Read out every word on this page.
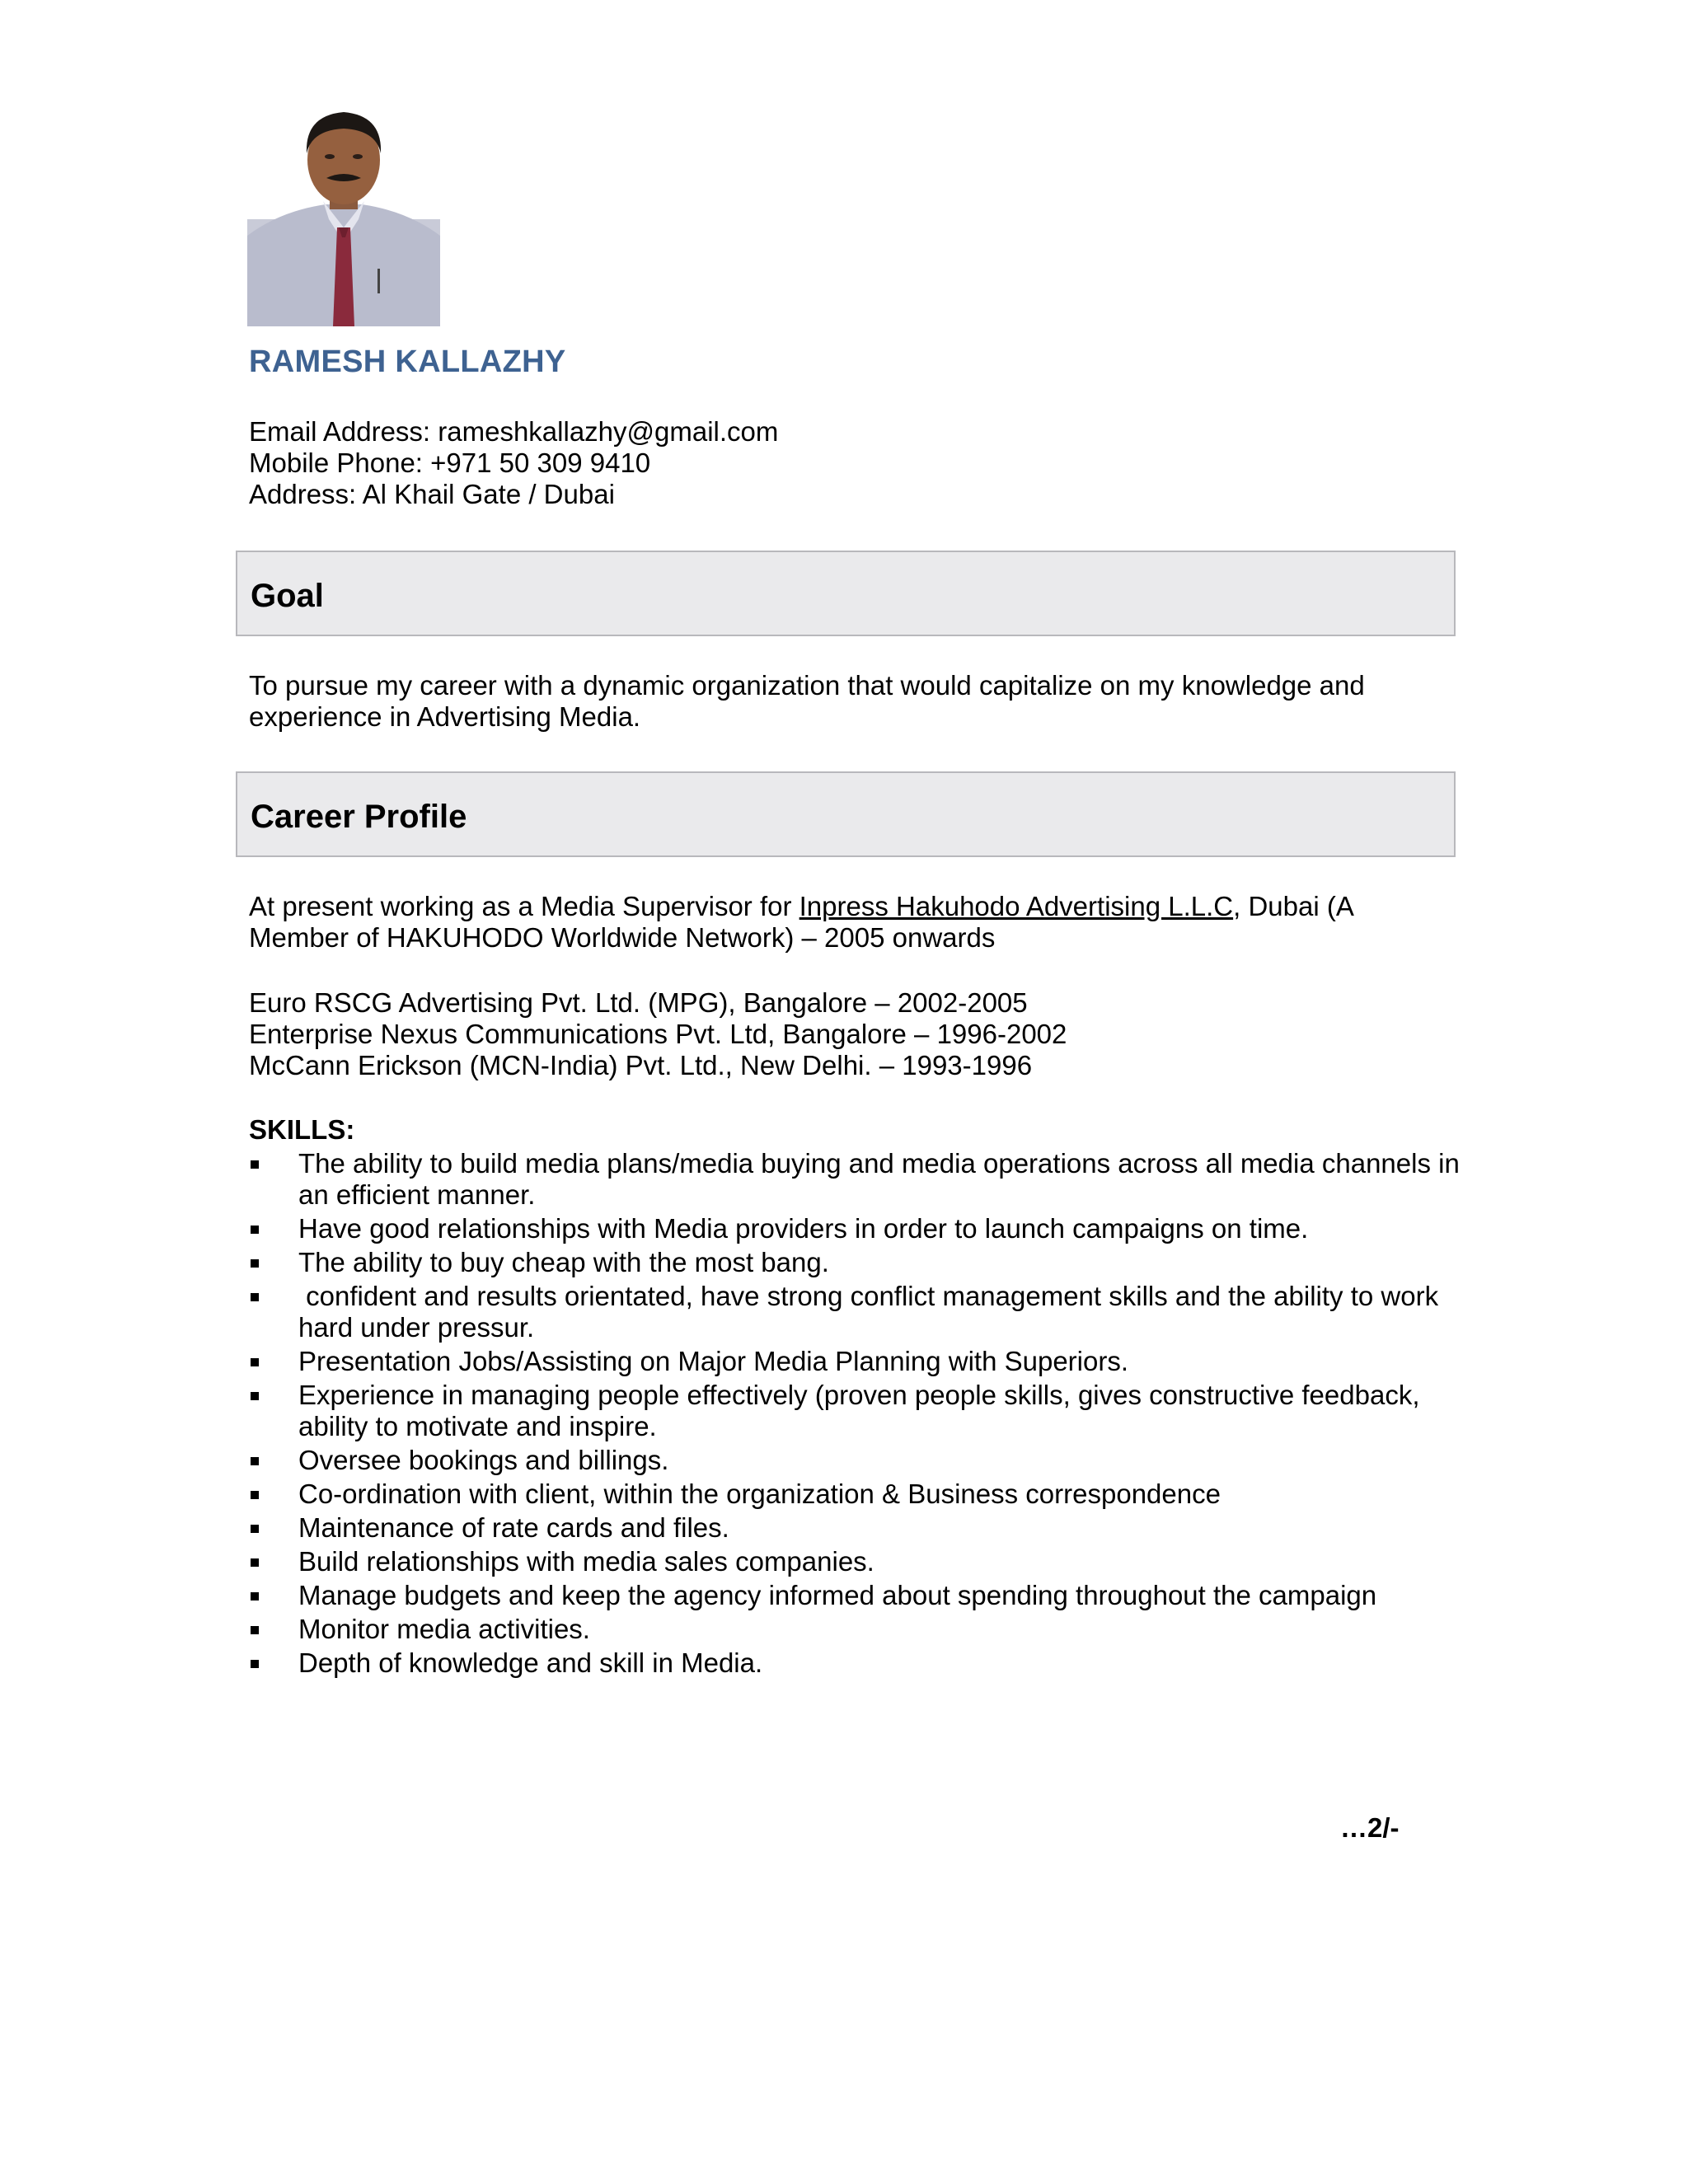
RAMESH KALLAZHY
Email Address: rameshkallazhy@gmail.com
Mobile Phone: +971 50 309 9410
Address: Al Khail Gate / Dubai
Goal
To pursue my career with a dynamic organization that would capitalize on my knowledge and experience in Advertising Media.
Career Profile
At present working as a Media Supervisor for Inpress Hakuhodo Advertising L.L.C, Dubai (A Member of HAKUHODO Worldwide Network) – 2005 onwards
Euro RSCG Advertising Pvt. Ltd. (MPG), Bangalore – 2002-2005
Enterprise Nexus Communications Pvt. Ltd, Bangalore – 1996-2002
McCann Erickson (MCN-India) Pvt. Ltd., New Delhi. – 1993-1996
SKILLS:
The ability to build media plans/media buying and media operations across all media channels in an efficient manner.
Have good relationships with Media providers in order to launch campaigns on time.
The ability to buy cheap with the most bang.
confident and results orientated, have strong conflict management skills and the ability to work hard under pressur.
Presentation Jobs/Assisting on Major Media Planning with Superiors.
Experience in managing people effectively (proven people skills, gives constructive feedback, ability to motivate and inspire.
Oversee bookings and billings.
Co-ordination with client, within the organization & Business correspondence
Maintenance of rate cards and files.
Build relationships with media sales companies.
Manage budgets and keep the agency informed about spending throughout the campaign
Monitor media activities.
Depth of knowledge and skill in Media.
…2/-
